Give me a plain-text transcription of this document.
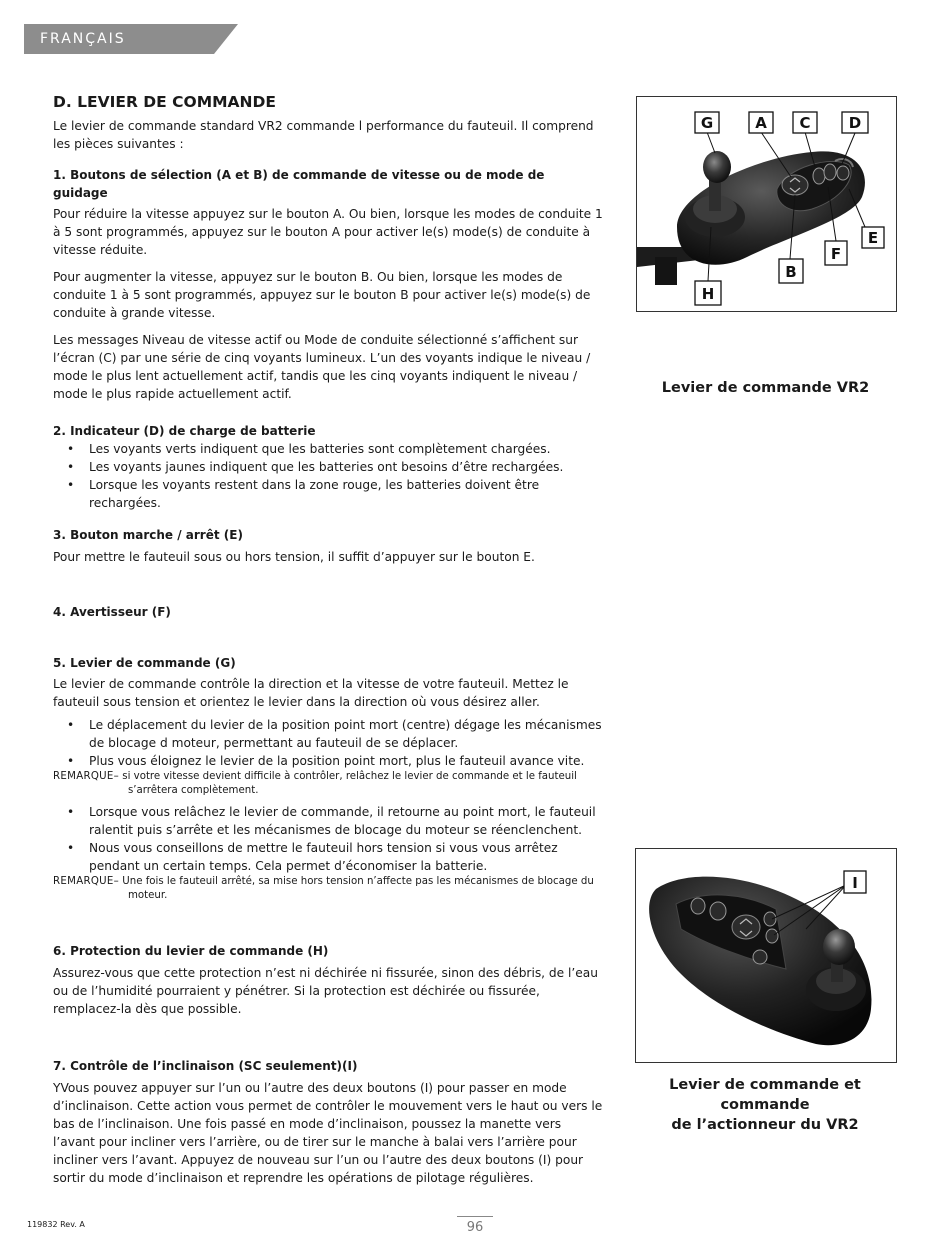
FRANÇAIS
D. LEVIER DE COMMANDE

Le levier de commande standard VR2 commande l performance du fauteuil. Il comprend les pièces suivantes :

1. Boutons de sélection (A et B) de commande de vitesse ou de mode de guidage

Pour réduire la vitesse appuyez sur le bouton A. Ou bien, lorsque les modes de conduite 1 à 5 sont programmés, appuyez sur le bouton A pour activer le(s) mode(s) de conduite à vitesse réduite.

Pour augmenter la vitesse, appuyez sur le bouton B. Ou bien, lorsque les modes de conduite 1 à 5 sont programmés, appuyez sur le bouton B pour activer le(s) mode(s) de conduite à grande vitesse.

Les messages Niveau de vitesse actif ou Mode de conduite sélectionné s’affichent sur l’écran (C) par une série de cinq voyants lumineux. L’un des voyants indique le niveau / mode le plus lent actuellement actif, tandis que les cinq voyants indiquent le niveau / mode le plus rapide actuellement actif.

2. Indicateur (D) de charge de batterie

• Les voyants verts indiquent que les batteries sont complètement chargées.
• Les voyants jaunes indiquent que les batteries ont besoins d’être rechargées.
• Lorsque les voyants restent dans la zone rouge, les batteries doivent être rechargées.

3. Bouton marche / arrêt (E)

Pour mettre le fauteuil sous ou hors tension, il suffit d’appuyer sur le bouton E.

4. Avertisseur (F)

5. Levier de commande (G)

Le levier de commande contrôle la direction et la vitesse de votre fauteuil. Mettez le fauteuil sous tension et orientez le levier dans la direction où vous désirez aller.

• Le déplacement du levier de la position point mort (centre) dégage les mécanismes de blocage d moteur, permettant au fauteuil de se déplacer.
• Plus vous éloignez le levier de la position point mort, plus le fauteuil avance vite.

REMARQUE– si votre vitesse devient difficile à contrôler, relâchez le levier de commande et le fauteuil s’arrêtera complètement.

• Lorsque vous relâchez le levier de commande, il retourne au point mort, le fauteuil ralentit puis s’arrête et les mécanismes de blocage du moteur se réenclenchent.
• Nous vous conseillons de mettre le fauteuil hors tension si vous vous arrêtez pendant un certain temps. Cela permet d’économiser la batterie.

REMARQUE– Une fois le fauteuil arrêté, sa mise hors tension n’affecte pas les mécanismes de blocage du moteur.

6. Protection du levier de commande (H)

Assurez-vous que cette protection n’est ni déchirée ni fissurée, sinon des débris, de l’eau ou de l’humidité pourraient y pénétrer. Si la protection est déchirée ou fissurée, remplacez-la dès que possible.

7. Contrôle de l’inclinaison (SC seulement)(I)

YVous pouvez appuyer sur l’un ou l’autre des deux boutons (I) pour passer en mode d’inclinaison. Cette action vous permet de contrôler le mouvement vers le haut ou vers le bas de l’inclinaison. Une fois passé en mode d’inclinaison, poussez la manette vers l’avant pour incliner vers l’arrière, ou de tirer sur le manche à balai vers l’arrière pour incliner vers l’avant. Appuyez de nouveau sur l’un ou l’autre des deux boutons (I) pour sortir du mode d’inclinaison et reprendre les opérations de pilotage régulières.

G	A C	D
E
F
B
H
Levier de commande VR2
I
Levier de commande et commande
de l’actionneur du VR2
119832 Rev. A	96
